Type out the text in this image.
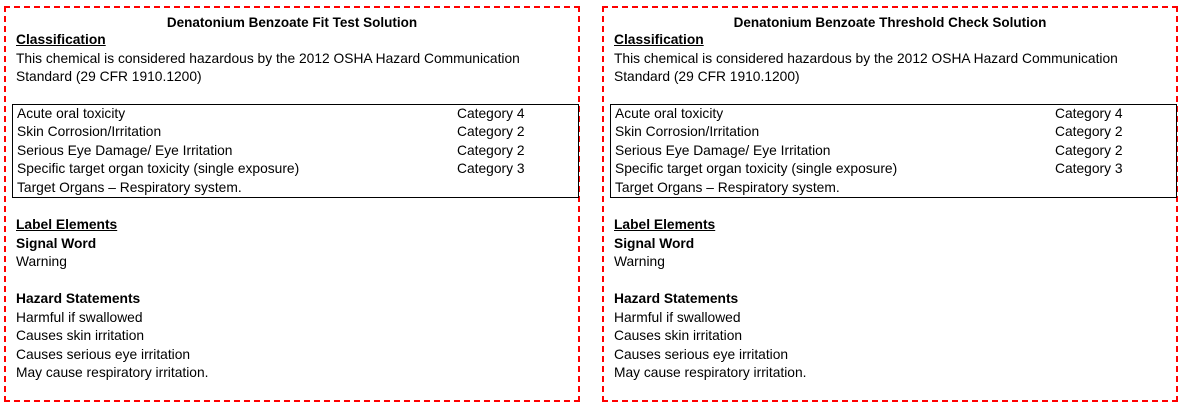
Denatonium Benzoate Fit Test Solution
Classification
This chemical is considered hazardous by the 2012 OSHA Hazard Communication Standard (29 CFR 1910.1200)
Acute oral toxicity	Category 4
Skin Corrosion/Irritation	Category 2
Serious Eye Damage/ Eye Irritation	Category 2
Specific target organ toxicity (single exposure)	Category 3
Target Organs – Respiratory system.
Label Elements
Signal Word
Warning
Hazard Statements
Harmful if swallowed
Causes skin irritation
Causes serious eye irritation
May cause respiratory irritation.
Denatonium Benzoate Threshold Check Solution
Classification
This chemical is considered hazardous by the 2012 OSHA Hazard Communication Standard (29 CFR 1910.1200)
Acute oral toxicity	Category 4
Skin Corrosion/Irritation	Category 2
Serious Eye Damage/ Eye Irritation	Category 2
Specific target organ toxicity (single exposure)	Category 3
Target Organs – Respiratory system.
Label Elements
Signal Word
Warning
Hazard Statements
Harmful if swallowed
Causes skin irritation
Causes serious eye irritation
May cause respiratory irritation.
